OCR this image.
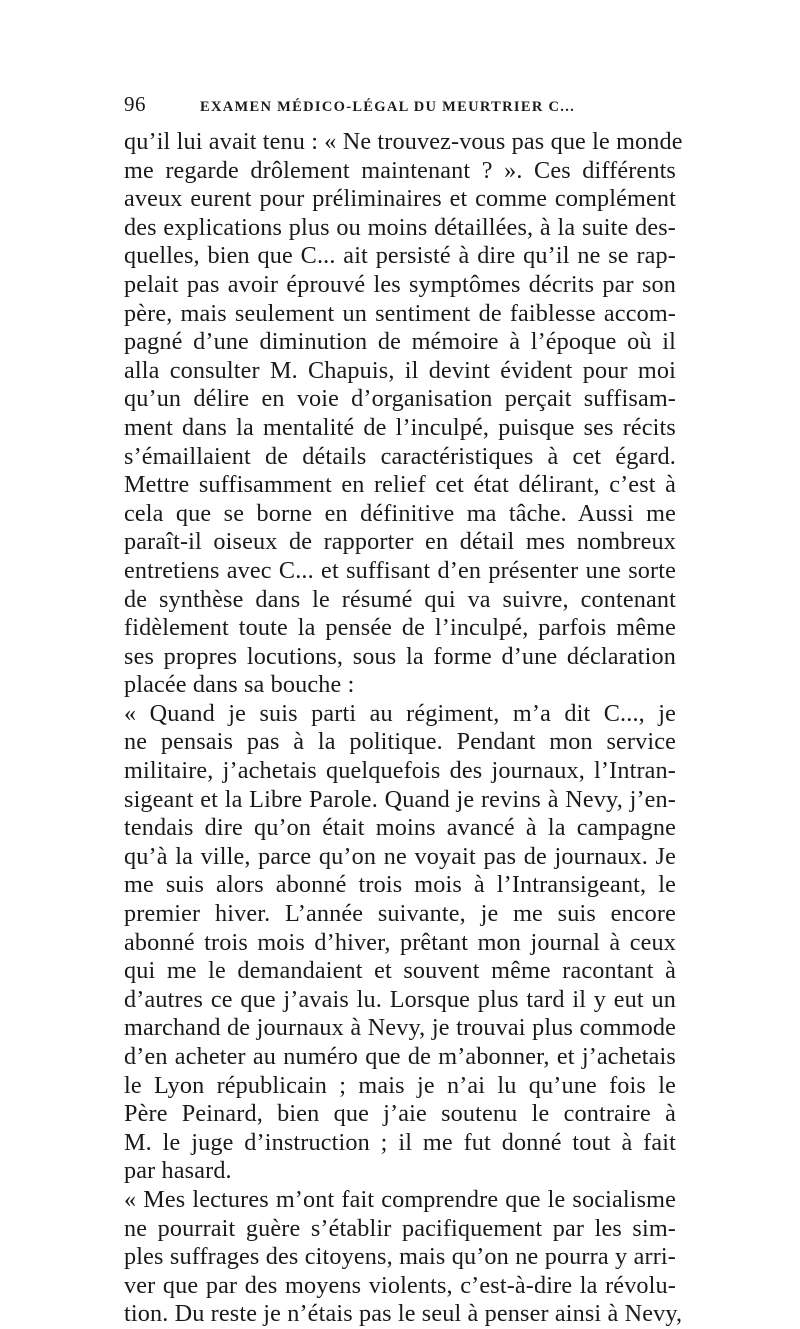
96	EXAMEN MÉDICO-LÉGAL DU MEURTRIER C...
qu’il lui avait tenu : « Ne trouvez-vous pas que le monde
me regarde drôlement maintenant ? ». Ces différents
aveux eurent pour préliminaires et comme complément
des explications plus ou moins détaillées, à la suite des-
quelles, bien que C... ait persisté à dire qu’il ne se rap-
pelait pas avoir éprouvé les symptômes décrits par son
père, mais seulement un sentiment de faiblesse accom-
pagné d’une diminution de mémoire à l’époque où il
alla consulter M. Chapuis, il devint évident pour moi
qu’un délire en voie d’organisation perçait suffisam-
ment dans la mentalité de l’inculpé, puisque ses récits
s’émaillaient de détails caractéristiques à cet égard.
Mettre suffisamment en relief cet état délirant, c’est à
cela que se borne en définitive ma tâche. Aussi me
paraît-il oiseux de rapporter en détail mes nombreux
entretiens avec C... et suffisant d’en présenter une sorte
de synthèse dans le résumé qui va suivre, contenant
fidèlement toute la pensée de l’inculpé, parfois même
ses propres locutions, sous la forme d’une déclaration
placée dans sa bouche :
« Quand je suis parti au régiment, m’a dit C..., je
ne pensais pas à la politique. Pendant mon service
militaire, j’achetais quelquefois des journaux, l’Intran-
sigeant et la Libre Parole. Quand je revins à Nevy, j’en-
tendais dire qu’on était moins avancé à la campagne
qu’à la ville, parce qu’on ne voyait pas de journaux. Je
me suis alors abonné trois mois à l’Intransigeant, le
premier hiver. L’année suivante, je me suis encore
abonné trois mois d’hiver, prêtant mon journal à ceux
qui me le demandaient et souvent même racontant à
d’autres ce que j’avais lu. Lorsque plus tard il y eut un
marchand de journaux à Nevy, je trouvai plus commode
d’en acheter au numéro que de m’abonner, et j’achetais
le Lyon républicain ; mais je n’ai lu qu’une fois le
Père Peinard, bien que j’aie soutenu le contraire à
M. le juge d’instruction ; il me fut donné tout à fait
par hasard.
« Mes lectures m’ont fait comprendre que le socialisme
ne pourrait guère s’établir pacifiquement par les sim-
ples suffrages des citoyens, mais qu’on ne pourra y arri-
ver que par des moyens violents, c’est-à-dire la révolu-
tion. Du reste je n’étais pas le seul à penser ainsi à Nevy,
